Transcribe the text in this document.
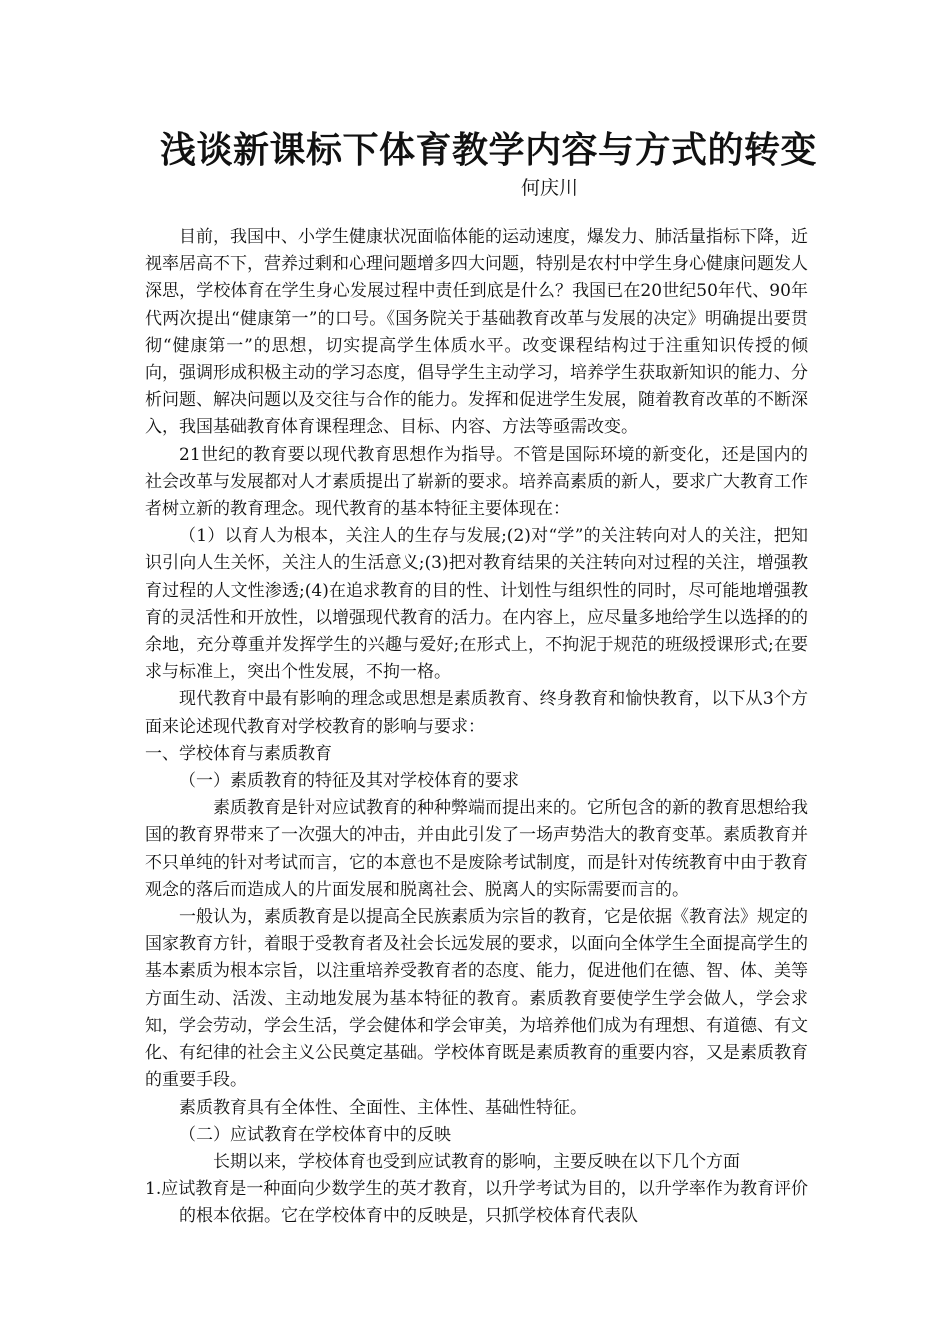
浅谈新课标下体育教学内容与方式的转变
何庆川

目前，我国中、小学生健康状况面临体能的运动速度，爆发力、肺活量指标下降，近视率居高不下，营养过剩和心理问题增多四大问题，特别是农村中学生身心健康问题发人深思，学校体育在学生身心发展过程中责任到底是什么？我国已在20世纪50年代、90年代两次提出“健康第一”的口号。《国务院关于基础教育改革与发展的决定》明确提出要贯彻“健康第一”的思想，切实提高学生体质水平。改变课程结构过于注重知识传授的倾向，强调形成积极主动的学习态度，倡导学生主动学习，培养学生获取新知识的能力、分析问题、解决问题以及交往与合作的能力。发挥和促进学生发展，随着教育改革的不断深入，我国基础教育体育课程理念、目标、内容、方法等亟需改变。

21世纪的教育要以现代教育思想作为指导。不管是国际环境的新变化，还是国内的社会改革与发展都对人才素质提出了崭新的要求。培养高素质的新人，要求广大教育工作者树立新的教育理念。现代教育的基本特征主要体现在：

（1）以育人为根本，关注人的生存与发展;(2)对“学”的关注转向对人的关注，把知识引向人生关怀，关注人的生活意义;(3)把对教育结果的关注转向对过程的关注，增强教育过程的人文性渗透;(4)在追求教育的目的性、计划性与组织性的同时，尽可能地增强教育的灵活性和开放性，以增强现代教育的活力。在内容上，应尽量多地给学生以选择的的余地，充分尊重并发挥学生的兴趣与爱好;在形式上，不拘泥于规范的班级授课形式;在要求与标准上，突出个性发展，不拘一格。

现代教育中最有影响的理念或思想是素质教育、终身教育和愉快教育，以下从3个方面来论述现代教育对学校教育的影响与要求：

一、学校体育与素质教育

（一）素质教育的特征及其对学校体育的要求

素质教育是针对应试教育的种种弊端而提出来的。它所包含的新的教育思想给我国的教育界带来了一次强大的冲击，并由此引发了一场声势浩大的教育变革。素质教育并不只单纯的针对考试而言，它的本意也不是废除考试制度，而是针对传统教育中由于教育观念的落后而造成人的片面发展和脱离社会、脱离人的实际需要而言的。

一般认为，素质教育是以提高全民族素质为宗旨的教育，它是依据《教育法》规定的国家教育方针，着眼于受教育者及社会长远发展的要求，以面向全体学生全面提高学生的基本素质为根本宗旨，以注重培养受教育者的态度、能力，促进他们在德、智、体、美等方面生动、活泼、主动地发展为基本特征的教育。素质教育要使学生学会做人，学会求知，学会劳动，学会生活，学会健体和学会审美，为培养他们成为有理想、有道德、有文化、有纪律的社会主义公民奠定基础。学校体育既是素质教育的重要内容，又是素质教育的重要手段。

素质教育具有全体性、全面性、主体性、基础性特征。

（二）应试教育在学校体育中的反映

长期以来，学校体育也受到应试教育的影响，主要反映在以下几个方面

1.应试教育是一种面向少数学生的英才教育，以升学考试为目的，以升学率作为教育评价的根本依据。它在学校体育中的反映是，只抓学校体育代表队
